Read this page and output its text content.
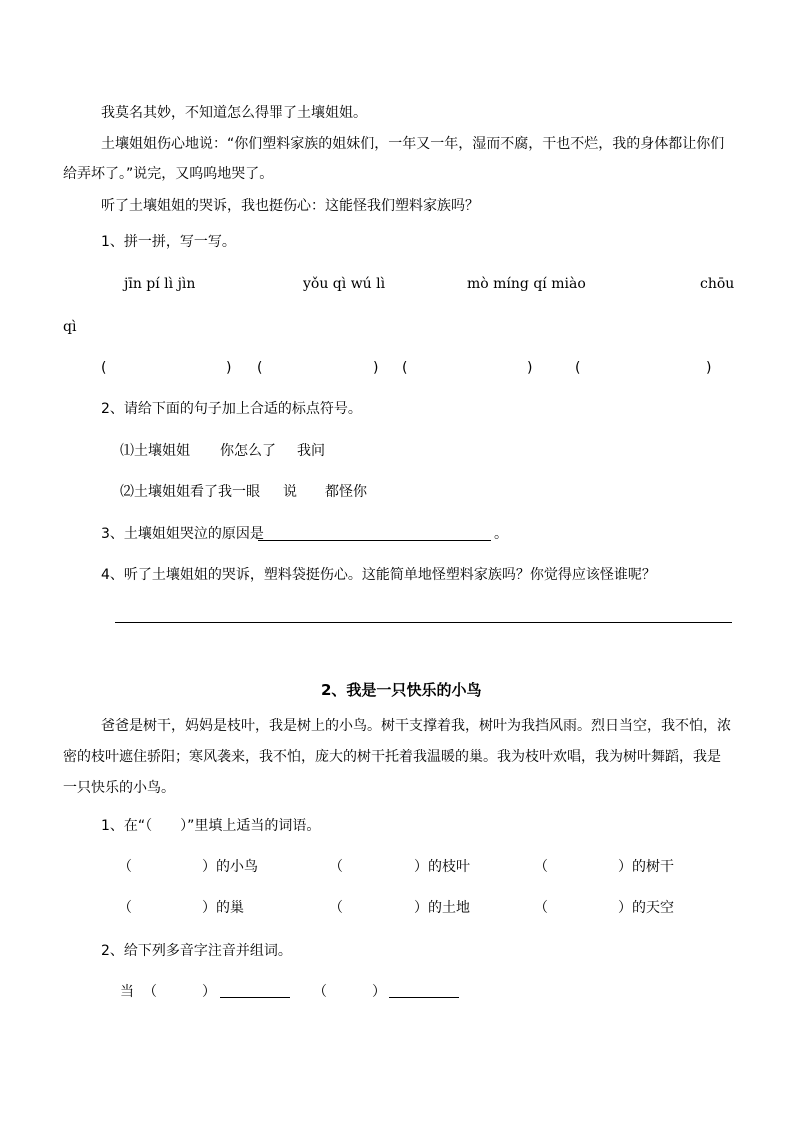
我莫名其妙，不知道怎么得罪了土壤姐姐。
土壤姐姐伤心地说：“你们塑料家族的姐妹们，一年又一年，湿而不腐，干也不烂，我的身体都让你们
给弄坏了。”说完，又呜呜地哭了。
听了土壤姐姐的哭诉，我也挺伤心：这能怪我们塑料家族吗？
1、拼一拼，写一写。
jīn pí lì jìn	yǒu qì wú lì	mò míng qí miào	chōu
qì
(	) (	) (	)	(	)
2、请给下面的句子加上合适的标点符号。
⑴土壤姐姐 你怎么了 我问
⑵土壤姐姐看了我一眼 说 都怪你
3、土壤姐姐哭泣的原因是	。
4、听了土壤姐姐的哭诉，塑料袋挺伤心。这能简单地怪塑料家族吗？你觉得应该怪谁呢？
2、我是一只快乐的小鸟
爸爸是树干，妈妈是枝叶，我是树上的小鸟。树干支撑着我，树叶为我挡风雨。烈日当空，我不怕，浓
密的枝叶遮住骄阳；寒风袭来，我不怕，庞大的树干托着我温暖的巢。我为枝叶欢唱，我为树叶舞蹈，我是
一只快乐的小鸟。
1、在“（　　）”里填上适当的词语。
（	）的小鸟	（	）的枝叶	（	）的树干
（	）的巢	（	）的土地	（	）的天空
2、给下列多音字注音并组词。
当 （	）	（	）
